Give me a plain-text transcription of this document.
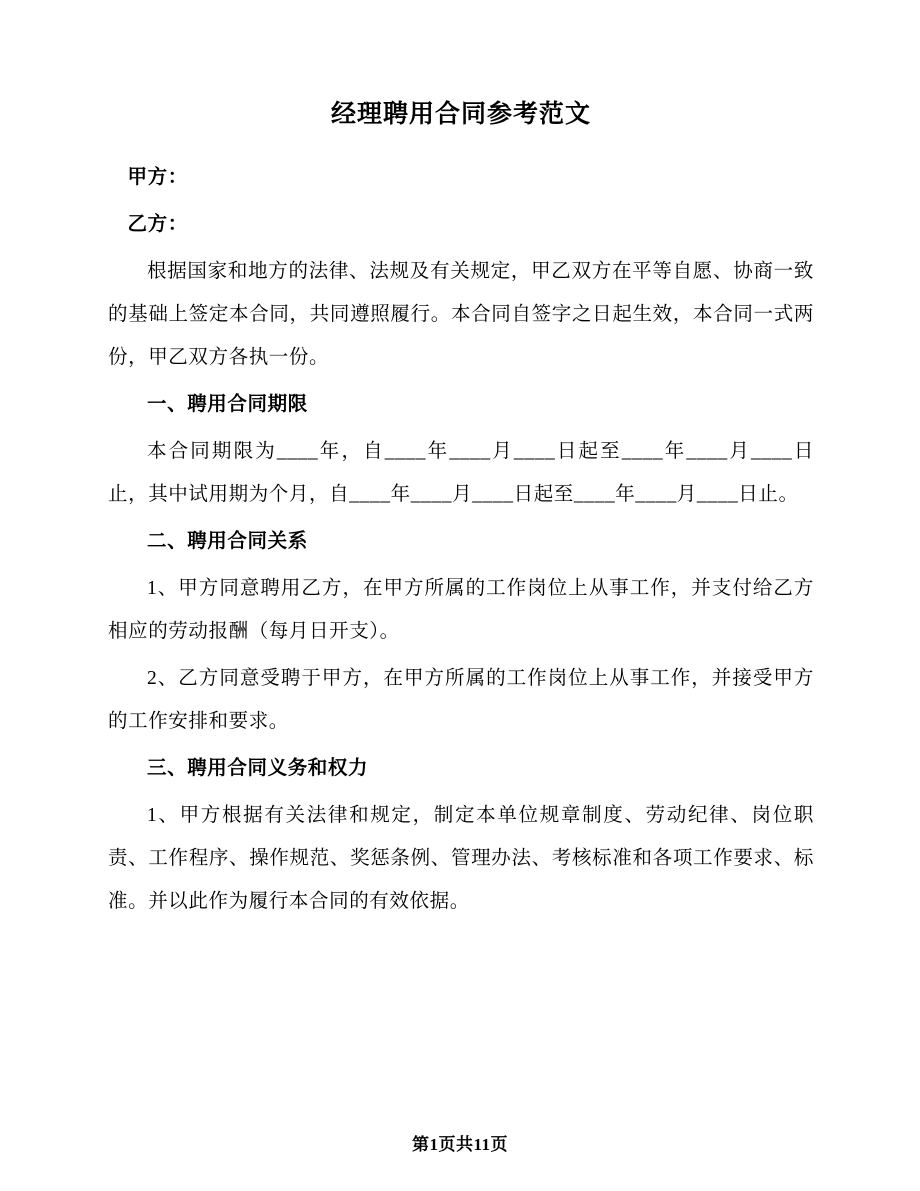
经理聘用合同参考范文

甲方：

乙方：

根据国家和地方的法律、法规及有关规定，甲乙双方在平等自愿、协商一致的基础上签定本合同，共同遵照履行。本合同自签字之日起生效，本合同一式两份，甲乙双方各执一份。

一、聘用合同期限

本合同期限为____年，自____年____月____日起至____年____月____日止，其中试用期为个月，自____年____月____日起至____年____月____日止。

二、聘用合同关系

1、甲方同意聘用乙方，在甲方所属的工作岗位上从事工作，并支付给乙方相应的劳动报酬（每月日开支）。

2、乙方同意受聘于甲方，在甲方所属的工作岗位上从事工作，并接受甲方的工作安排和要求。

三、聘用合同义务和权力

1、甲方根据有关法律和规定，制定本单位规章制度、劳动纪律、岗位职责、工作程序、操作规范、奖惩条例、管理办法、考核标准和各项工作要求、标准。并以此作为履行本合同的有效依据。

第1页共11页
